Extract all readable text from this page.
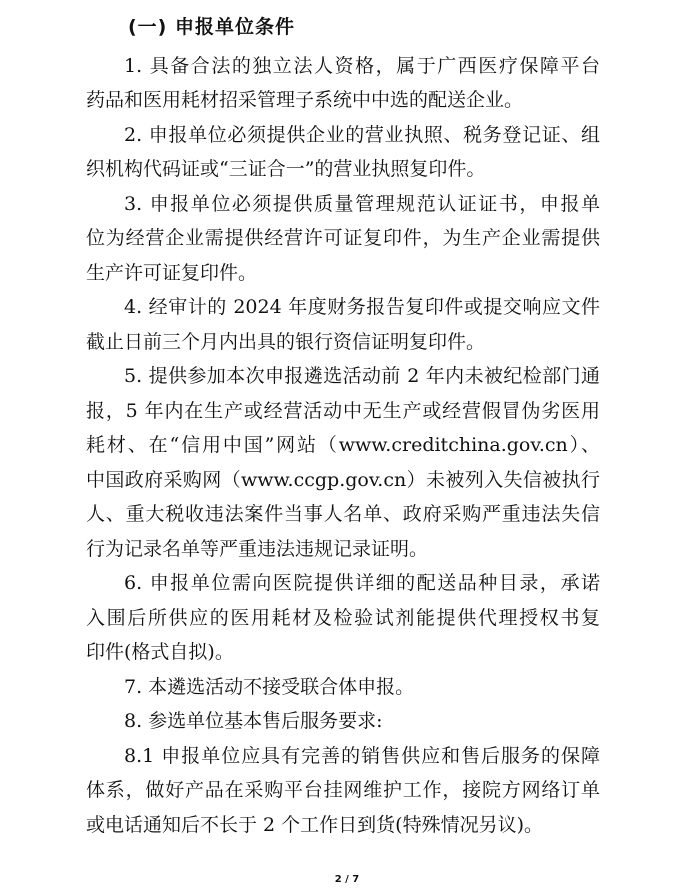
(一) 申报单位条件
1. 具备合法的独立法人资格，属于广西医疗保障平台
药品和医用耗材招采管理子系统中中选的配送企业。
2. 申报单位必须提供企业的营业执照、税务登记证、组
织机构代码证或“三证合一”的营业执照复印件。
3. 申报单位必须提供质量管理规范认证证书，申报单
位为经营企业需提供经营许可证复印件，为生产企业需提供
生产许可证复印件。
4. 经审计的 2024 年度财务报告复印件或提交响应文件
截止日前三个月内出具的银行资信证明复印件。
5. 提供参加本次申报遴选活动前 2 年内未被纪检部门通
报，5 年内在生产或经营活动中无生产或经营假冒伪劣医用
耗材、在“信用中国”网站（www.creditchina.gov.cn）、
中国政府采购网（www.ccgp.gov.cn）未被列入失信被执行
人、重大税收违法案件当事人名单、政府采购严重违法失信
行为记录名单等严重违法违规记录证明。
6. 申报单位需向医院提供详细的配送品种目录，承诺
入围后所供应的医用耗材及检验试剂能提供代理授权书复
印件(格式自拟)。
7. 本遴选活动不接受联合体申报。
8. 参选单位基本售后服务要求:
8.1 申报单位应具有完善的销售供应和售后服务的保障
体系，做好产品在采购平台挂网维护工作，接院方网络订单
或电话通知后不长于 2 个工作日到货(特殊情况另议)。
2 / 7
